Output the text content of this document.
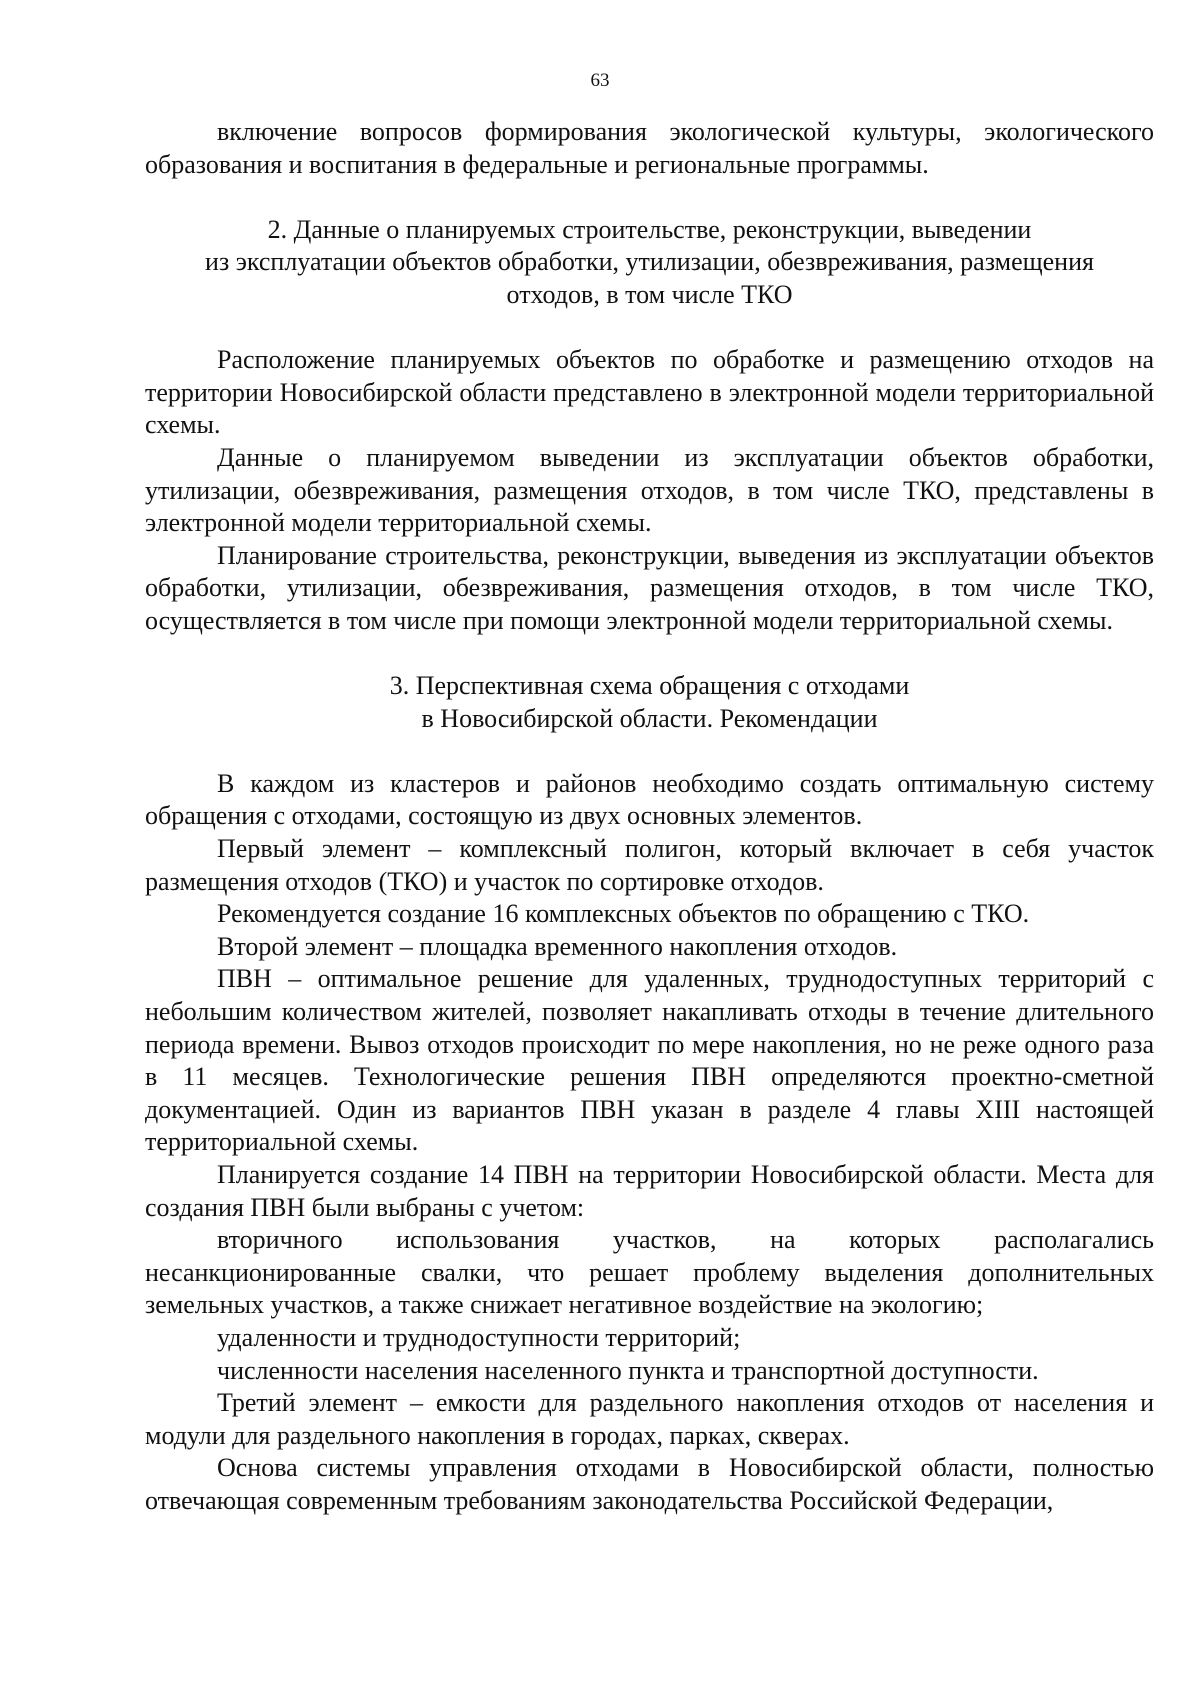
63

включение вопросов формирования экологической культуры, экологического образования и воспитания в федеральные и региональные программы.

2. Данные о планируемых строительстве, реконструкции, выведении
из эксплуатации объектов обработки, утилизации, обезвреживания, размещения
отходов, в том числе ТКО

Расположение планируемых объектов по обработке и размещению отходов на территории Новосибирской области представлено в электронной модели территориальной схемы.

Данные о планируемом выведении из эксплуатации объектов обработки, утилизации, обезвреживания, размещения отходов, в том числе ТКО, представлены в электронной модели территориальной схемы.

Планирование строительства, реконструкции, выведения из эксплуатации объектов обработки, утилизации, обезвреживания, размещения отходов, в том числе ТКО, осуществляется в том числе при помощи электронной модели территориальной схемы.

3. Перспективная схема обращения с отходами
в Новосибирской области. Рекомендации

В каждом из кластеров и районов необходимо создать оптимальную систему обращения с отходами, состоящую из двух основных элементов.

Первый элемент – комплексный полигон, который включает в себя участок размещения отходов (ТКО) и участок по сортировке отходов.

Рекомендуется создание 16 комплексных объектов по обращению с ТКО.

Второй элемент – площадка временного накопления отходов.

ПВН – оптимальное решение для удаленных, труднодоступных территорий с небольшим количеством жителей, позволяет накапливать отходы в течение длительного периода времени. Вывоз отходов происходит по мере накопления, но не реже одного раза в 11 месяцев. Технологические решения ПВН определяются проектно-сметной документацией. Один из вариантов ПВН указан в разделе 4 главы XIII настоящей территориальной схемы.

Планируется создание 14 ПВН на территории Новосибирской области. Места для создания ПВН были выбраны с учетом:

вторичного использования участков, на которых располагались несанкционированные свалки, что решает проблему выделения дополнительных земельных участков, а также снижает негативное воздействие на экологию;

удаленности и труднодоступности территорий;

численности населения населенного пункта и транспортной доступности.

Третий элемент – емкости для раздельного накопления отходов от населения и модули для раздельного накопления в городах, парках, скверах.

Основа системы управления отходами в Новосибирской области, полностью отвечающая современным требованиям законодательства Российской Федерации,
